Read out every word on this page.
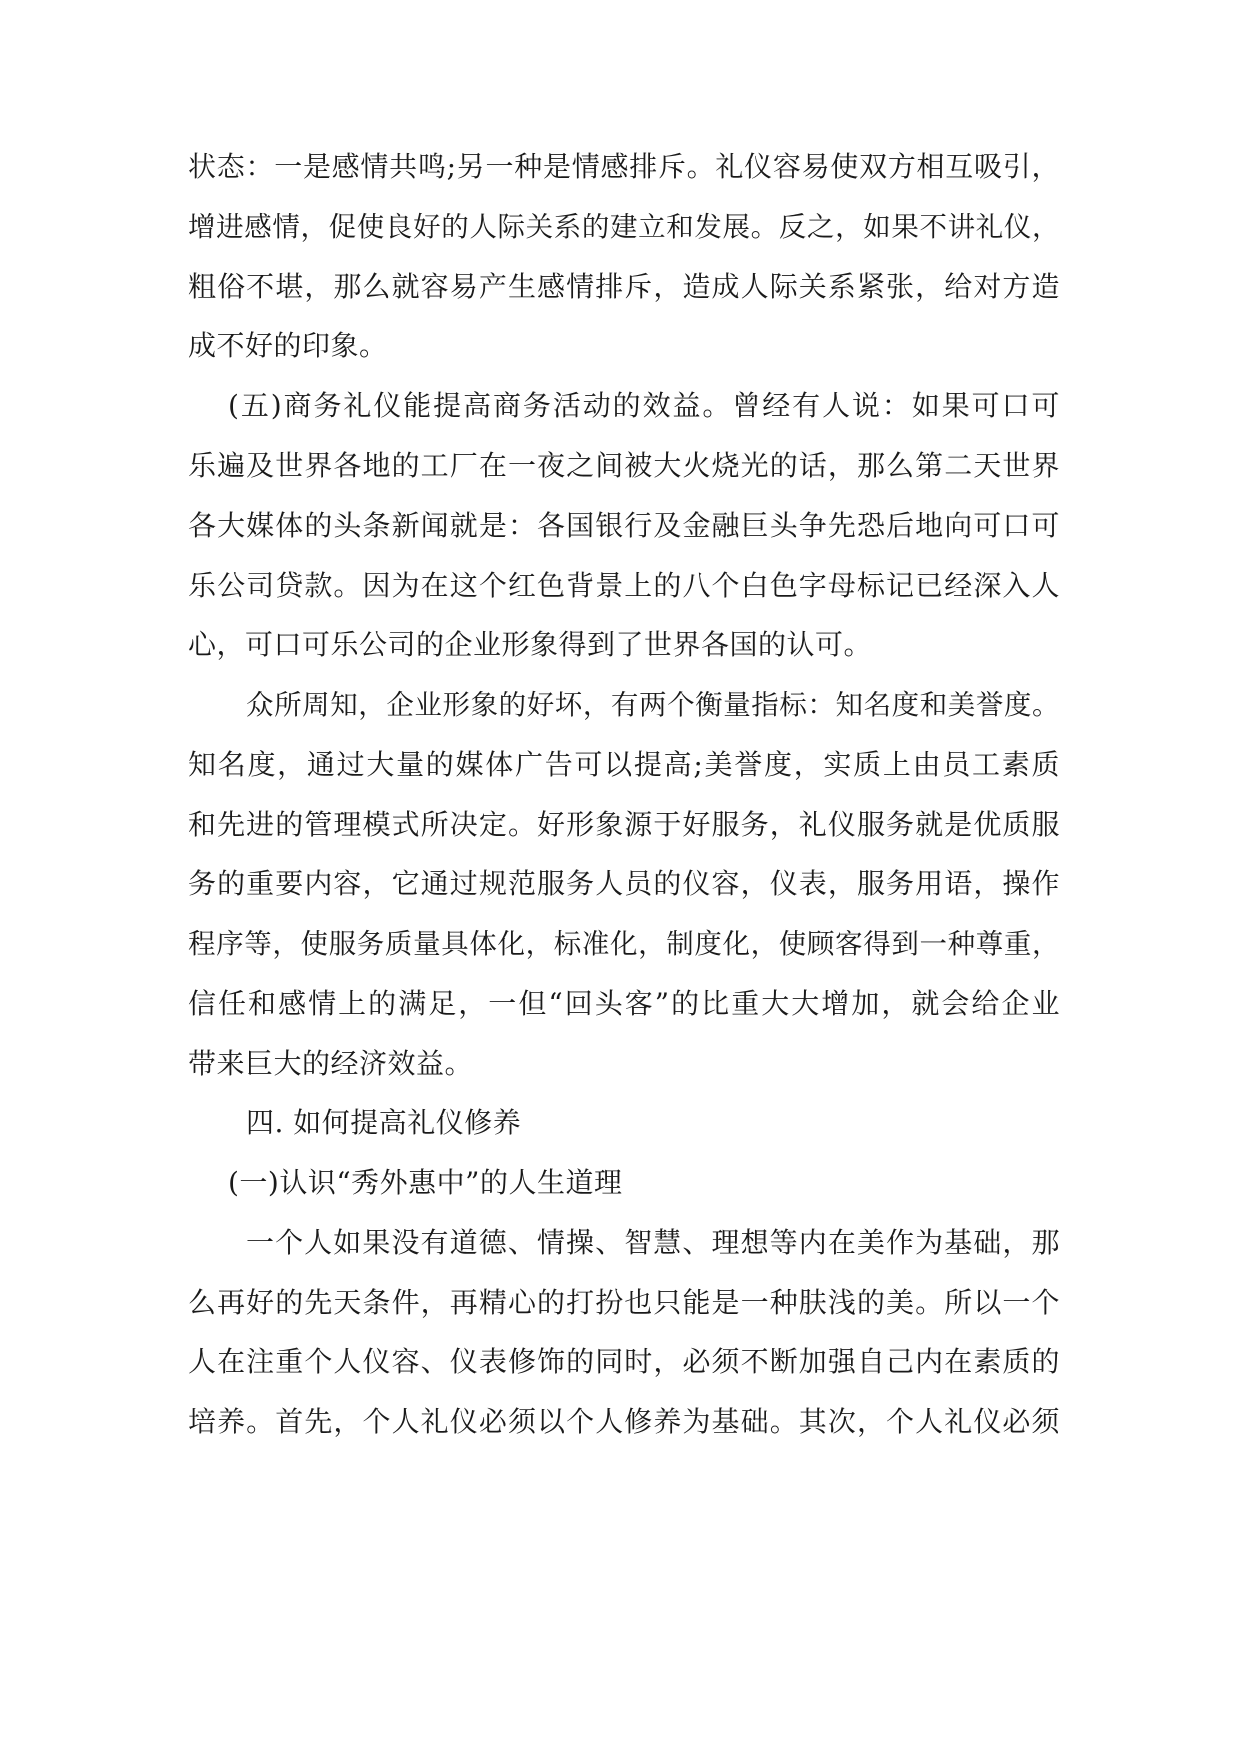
状态：一是感情共鸣;另一种是情感排斥。礼仪容易使双方相互吸引，
增进感情，促使良好的人际关系的建立和发展。反之，如果不讲礼仪，
粗俗不堪，那么就容易产生感情排斥，造成人际关系紧张，给对方造
成不好的印象。
(五)商务礼仪能提高商务活动的效益。曾经有人说：如果可口可
乐遍及世界各地的工厂在一夜之间被大火烧光的话，那么第二天世界
各大媒体的头条新闻就是：各国银行及金融巨头争先恐后地向可口可
乐公司贷款。因为在这个红色背景上的八个白色字母标记已经深入人
心，可口可乐公司的企业形象得到了世界各国的认可。
众所周知，企业形象的好坏，有两个衡量指标：知名度和美誉度。
知名度，通过大量的媒体广告可以提高;美誉度，实质上由员工素质
和先进的管理模式所决定。好形象源于好服务，礼仪服务就是优质服
务的重要内容，它通过规范服务人员的仪容，仪表，服务用语，操作
程序等，使服务质量具体化，标准化，制度化，使顾客得到一种尊重，
信任和感情上的满足，一但“回头客”的比重大大增加，就会给企业
带来巨大的经济效益。
四. 如何提高礼仪修养
(一)认识“秀外惠中”的人生道理
一个人如果没有道德、情操、智慧、理想等内在美作为基础，那
么再好的先天条件，再精心的打扮也只能是一种肤浅的美。所以一个
人在注重个人仪容、仪表修饰的同时，必须不断加强自己内在素质的
培养。首先，个人礼仪必须以个人修养为基础。其次，个人礼仪必须
